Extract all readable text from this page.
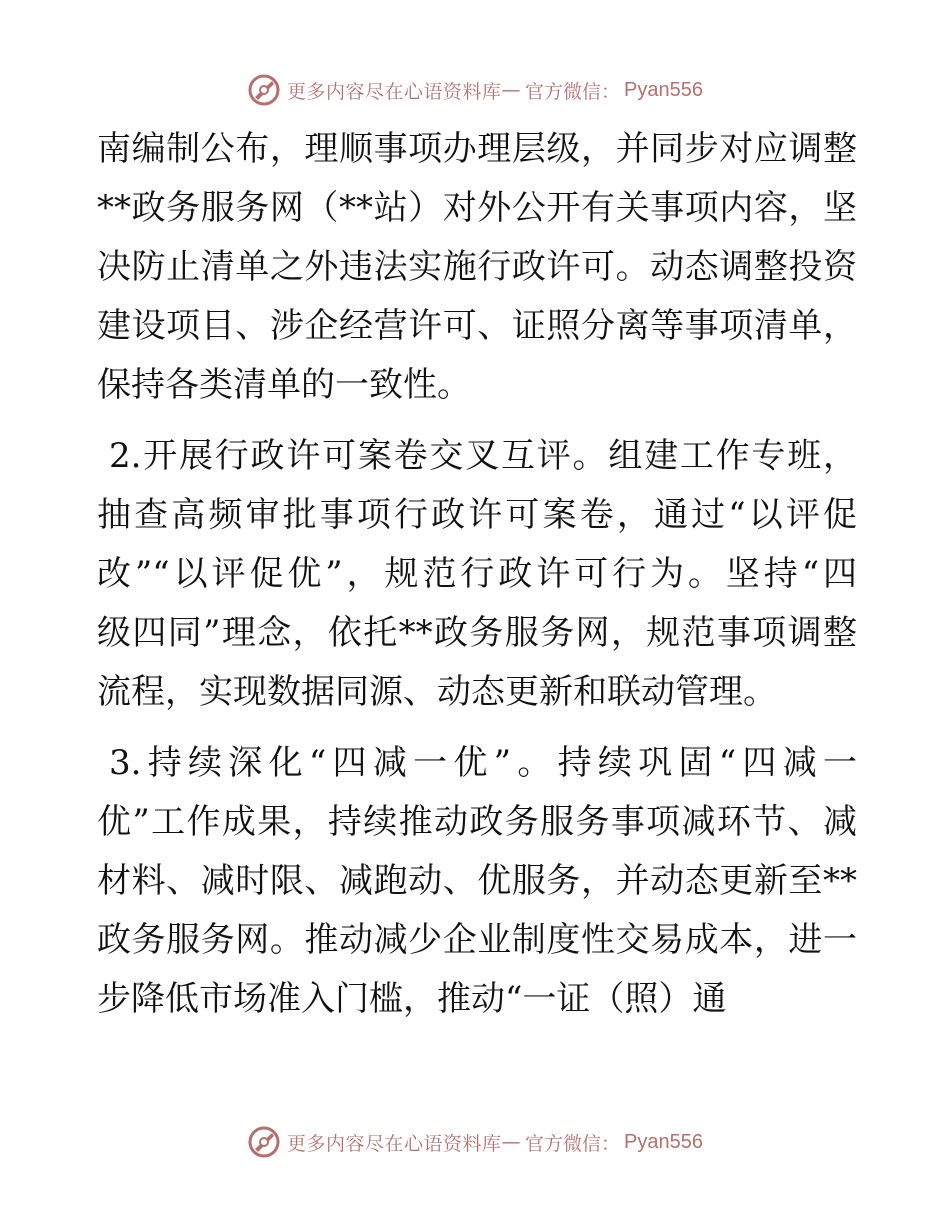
更多内容尽在心语资料库 — 官方微信： Pyan556
南编制公布，理顺事项办理层级，并同步对应调整
**政务服务网（**站）对外公开有关事项内容，坚
决防止清单之外违法实施行政许可。动态调整投资
建设项目、涉企经营许可、证照分离等事项清单，
保持各类清单的一致性。
2.开展行政许可案卷交叉互评。组建工作专班，
抽查高频审批事项行政许可案卷，通过“以评促
改”“以评促优”，规范行政许可行为。坚持“四
级四同”理念，依托**政务服务网，规范事项调整
流程，实现数据同源、动态更新和联动管理。
3.持续深化“四减一优”。持续巩固“四减一
优”工作成果，持续推动政务服务事项减环节、减
材料、减时限、减跑动、优服务，并动态更新至**
政务服务网。推动减少企业制度性交易成本，进一
步降低市场准入门槛，推动“一证（照）通
更多内容尽在心语资料库 — 官方微信： Pyan556
